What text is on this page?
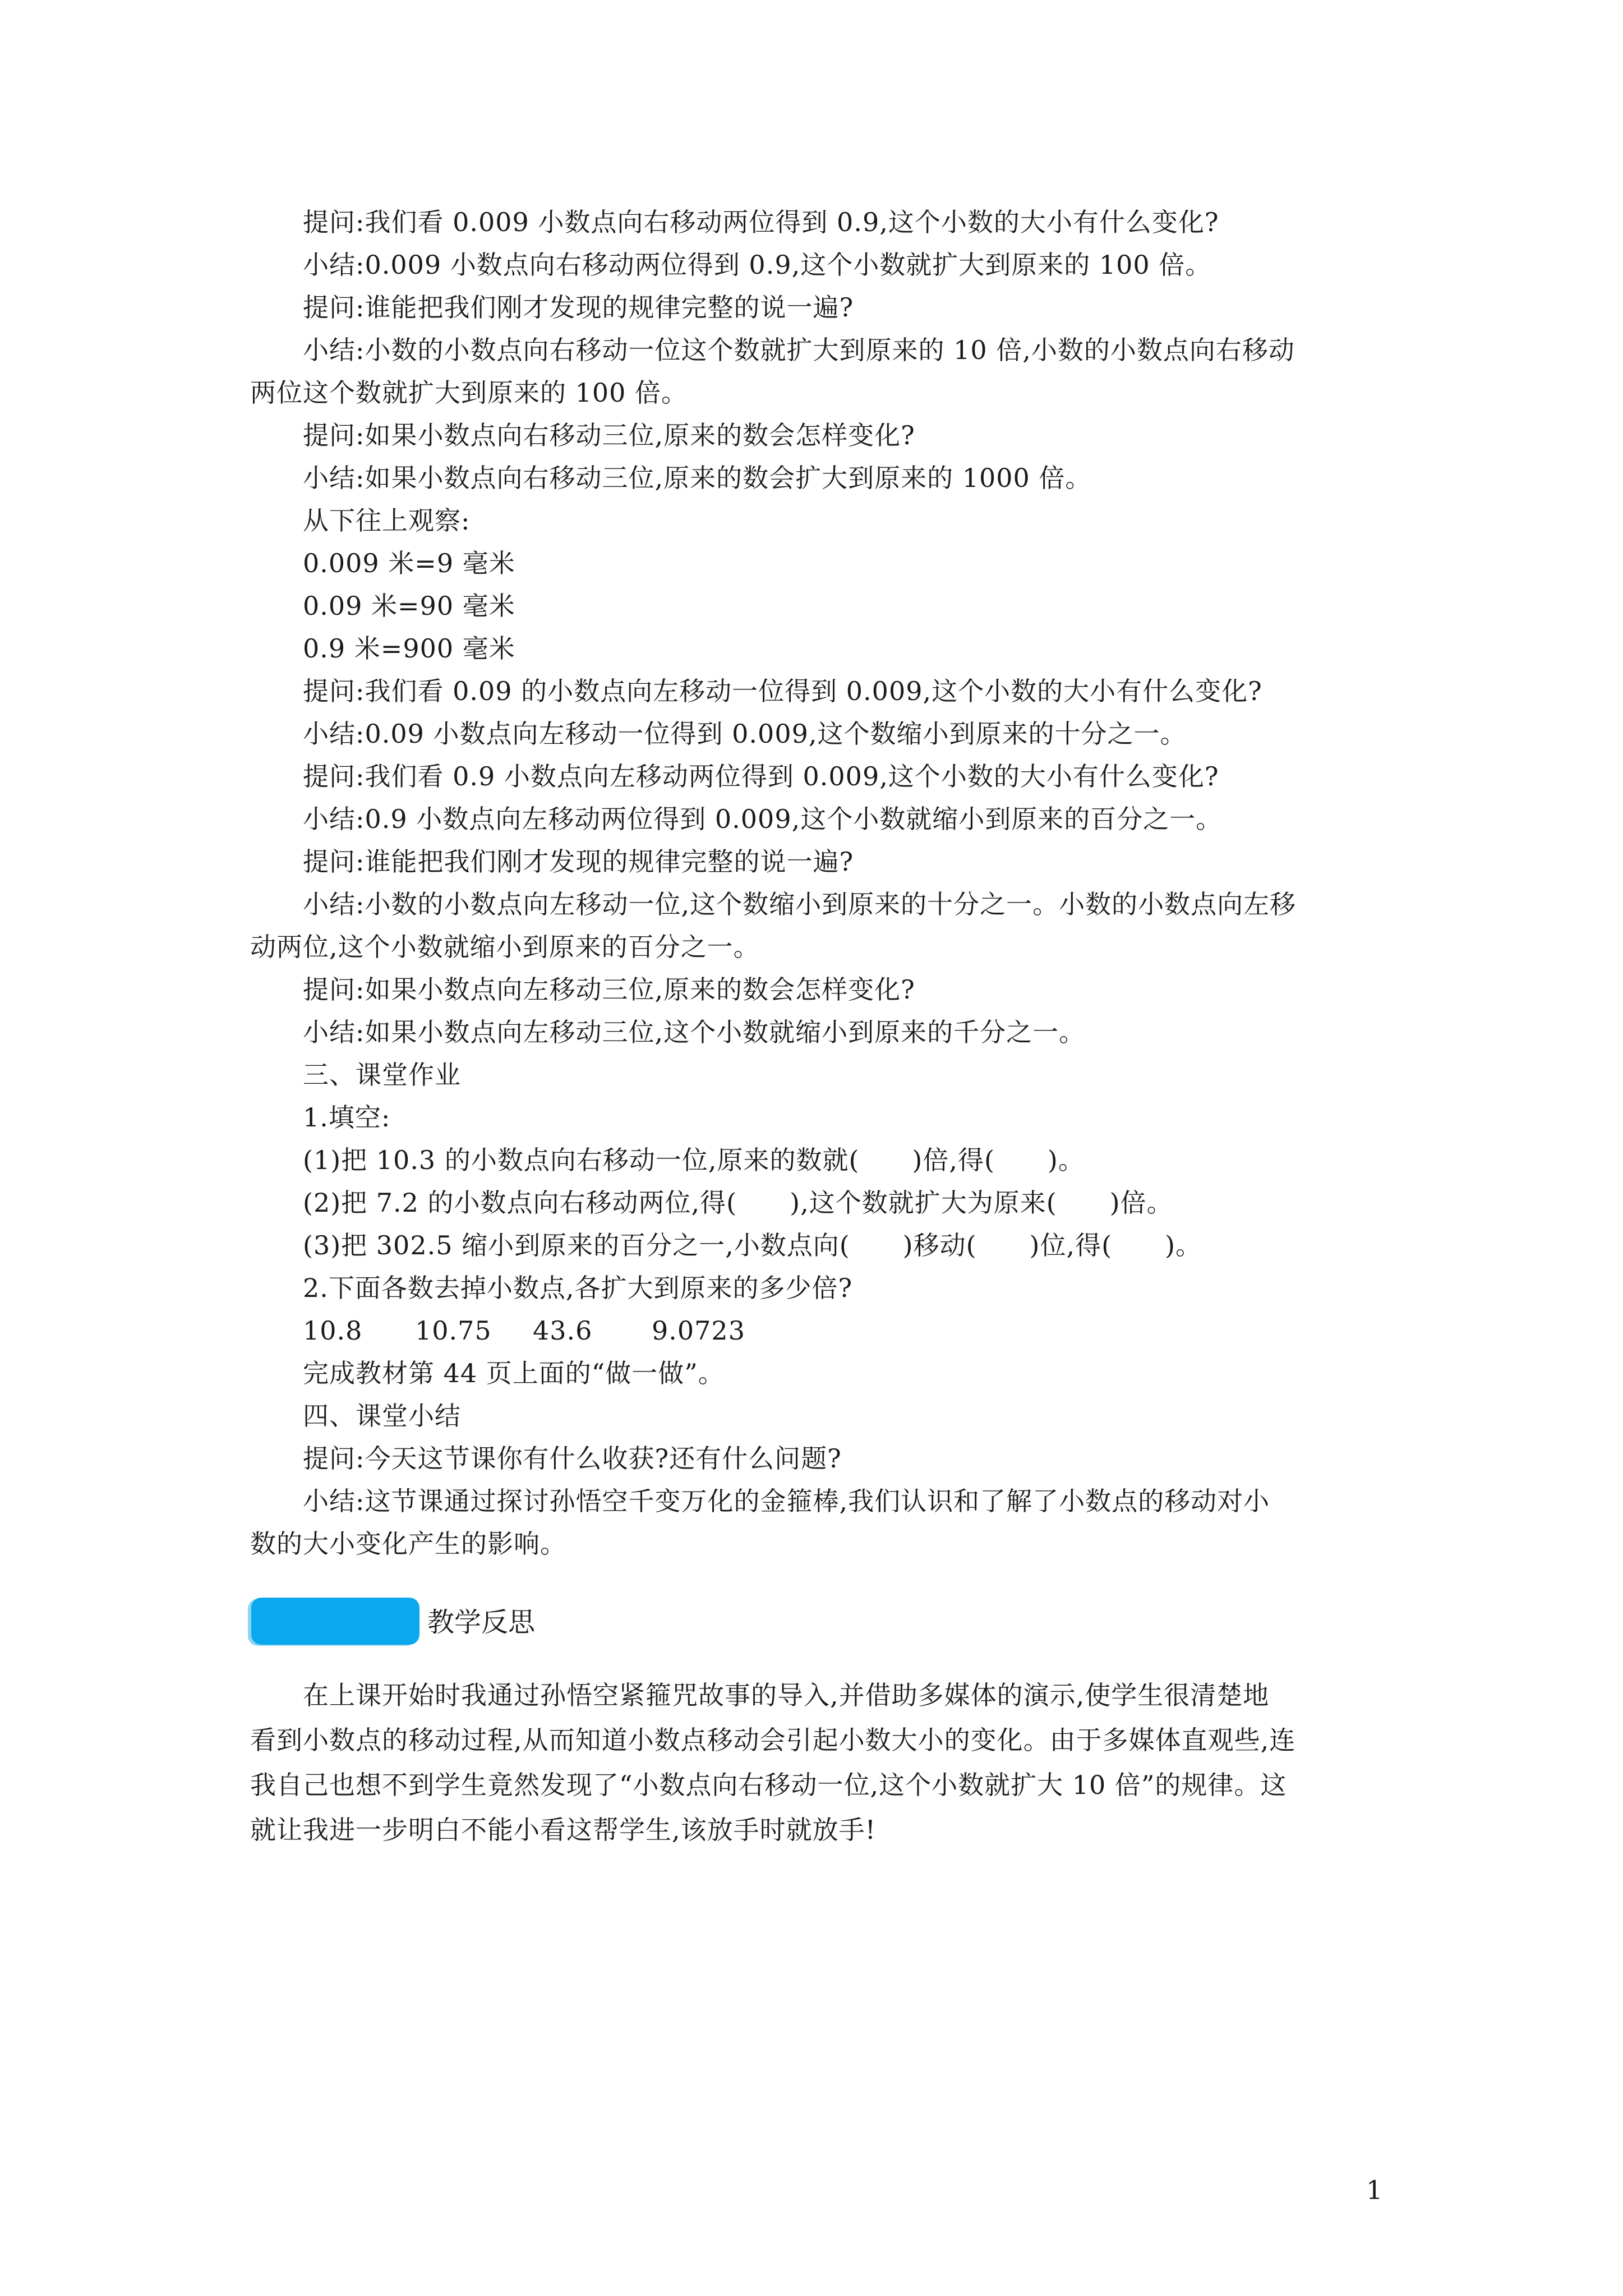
提问:我们看 0.009 小数点向右移动两位得到 0.9,这个小数的大小有什么变化?
小结:0.009 小数点向右移动两位得到 0.9,这个小数就扩大到原来的 100 倍。
提问:谁能把我们刚才发现的规律完整的说一遍?
小结:小数的小数点向右移动一位这个数就扩大到原来的 10 倍,小数的小数点向右移动
两位这个数就扩大到原来的 100 倍。
提问:如果小数点向右移动三位,原来的数会怎样变化?
小结:如果小数点向右移动三位,原来的数会扩大到原来的 1000 倍。
从下往上观察:
0.009 米=9 毫米
0.09 米=90 毫米
0.9 米=900 毫米
提问:我们看 0.09 的小数点向左移动一位得到 0.009,这个小数的大小有什么变化?
小结:0.09 小数点向左移动一位得到 0.009,这个数缩小到原来的十分之一。
提问:我们看 0.9 小数点向左移动两位得到 0.009,这个小数的大小有什么变化?
小结:0.9 小数点向左移动两位得到 0.009,这个小数就缩小到原来的百分之一。
提问:谁能把我们刚才发现的规律完整的说一遍?
小结:小数的小数点向左移动一位,这个数缩小到原来的十分之一。小数的小数点向左移
动两位,这个小数就缩小到原来的百分之一。
提问:如果小数点向左移动三位,原来的数会怎样变化?
小结:如果小数点向左移动三位,这个小数就缩小到原来的千分之一。
三、课堂作业
1.填空:
(1)把 10.3 的小数点向右移动一位,原来的数就(　　)倍,得(　　)。
(2)把 7.2 的小数点向右移动两位,得(　　),这个数就扩大为原来(　　)倍。
(3)把 302.5 缩小到原来的百分之一,小数点向(　　)移动(　　)位,得(　　)。
2.下面各数去掉小数点,各扩大到原来的多少倍?
10.8 10.75 43.6 9.0723
完成教材第 44 页上面的“做一做”。
四、课堂小结
提问:今天这节课你有什么收获?还有什么问题?
小结:这节课通过探讨孙悟空千变万化的金箍棒,我们认识和了解了小数点的移动对小
数的大小变化产生的影响。
教学反思
在上课开始时我通过孙悟空紧箍咒故事的导入,并借助多媒体的演示,使学生很清楚地
看到小数点的移动过程,从而知道小数点移动会引起小数大小的变化。由于多媒体直观些,连
我自己也想不到学生竟然发现了“小数点向右移动一位,这个小数就扩大 10 倍”的规律。这
就让我进一步明白不能小看这帮学生,该放手时就放手!
1
